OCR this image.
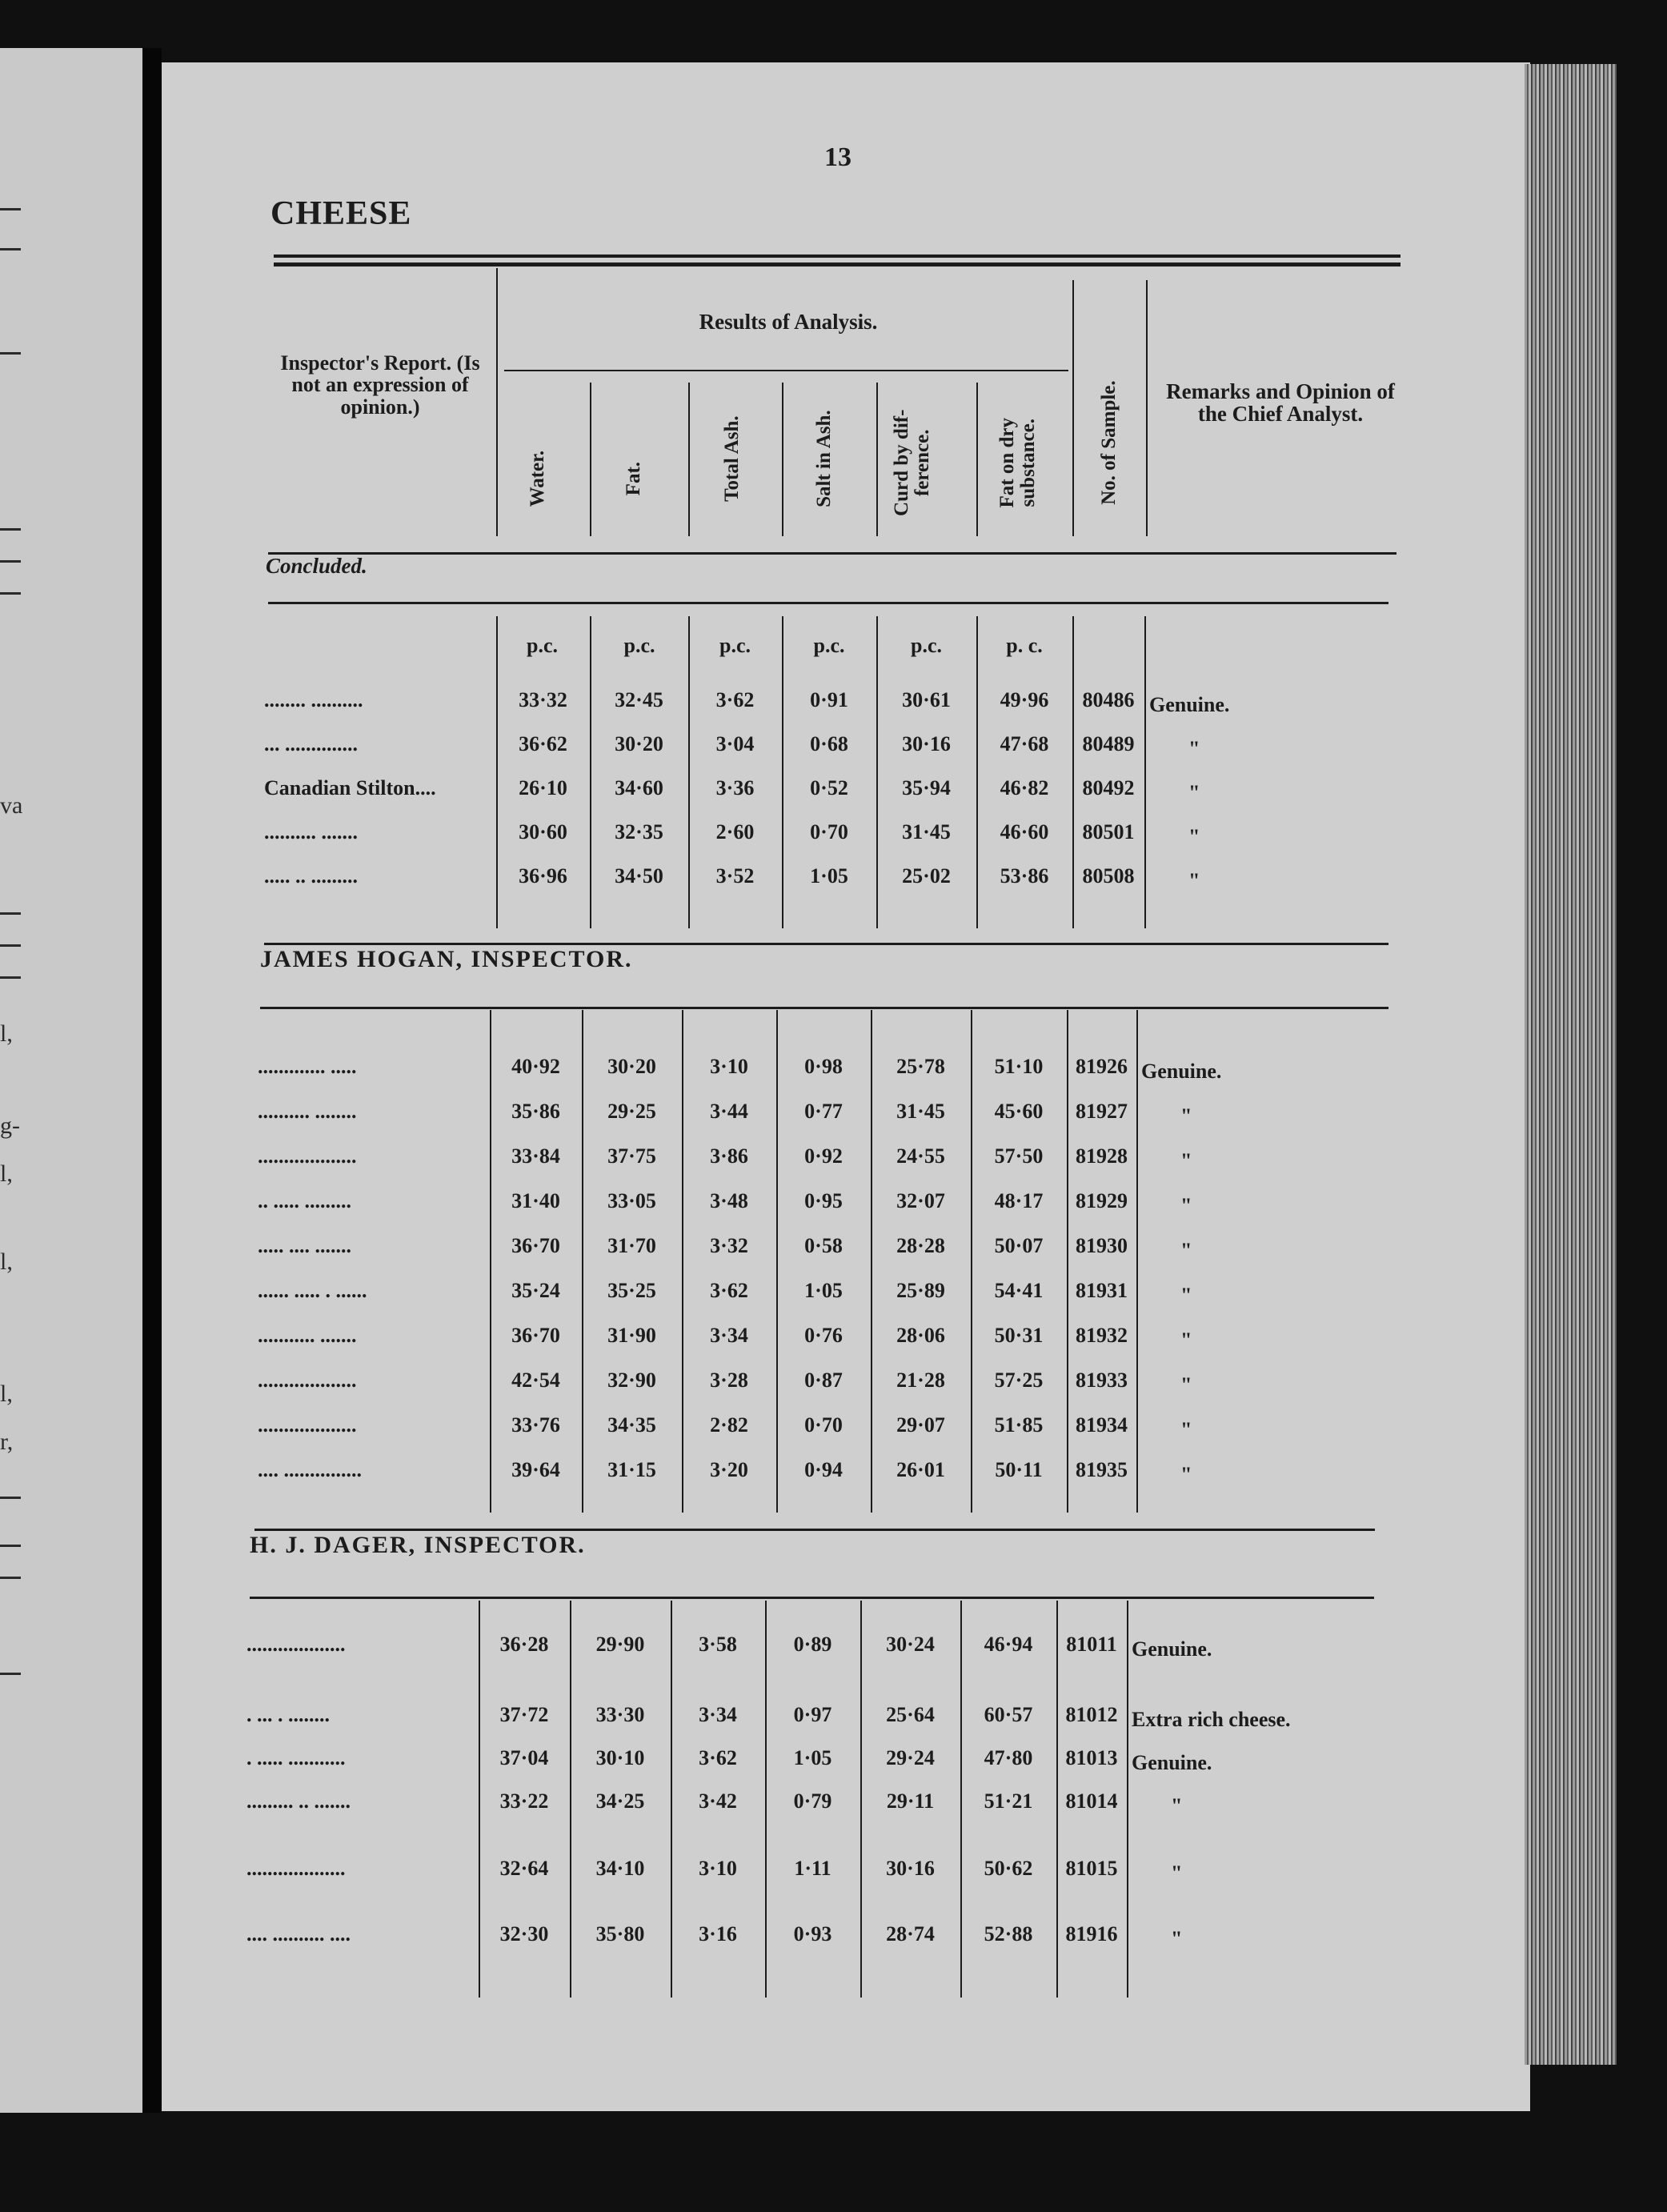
va
l,
g-
l,
l,
l,
r,
13
CHEESE
Inspector's Report. (Is not an expression of opinion.)
Results of Analysis.
Water.	Fat.	Total Ash.	Salt in Ash.	Curd by dif- ference.	Fat on dry substance.	No. of Sample.	Remarks and Opinion of the Chief Analyst.
Concluded.
p.c.	p.c.	p.c.	p.c.	p.c.	p. c.
JAMES HOGAN, INSPECTOR.
H. J. DAGER, INSPECTOR.
........ ..........	33·32	32·45	3·62	0·91	30·61	49·96	80486 Genuine.
... ..............	36·62	30·20	3·04	0·68	30·16	47·68	80489	"
Canadian Stilton....	26·10	34·60	3·36	0·52	35·94	46·82	80492	"
.......... .......	30·60	32·35	2·60	0·70	31·45	46·60	80501	"
..... .. .........	36·96	34·50	3·52	1·05	25·02	53·86	80508	"
............. .....	40·92	30·20	3·10	0·98	25·78	51·10	81926 Genuine.
.......... ........	35·86	29·25	3·44	0·77	31·45	45·60	81927	"
...................	33·84	37·75	3·86	0·92	24·55	57·50	81928	"
.. ..... .........	31·40	33·05	3·48	0·95	32·07	48·17	81929	"
..... .... .......	36·70	31·70	3·32	0·58	28·28	50·07	81930	"
...... ..... . ......	35·24	35·25	3·62	1·05	25·89	54·41	81931	"
........... .......	36·70	31·90	3·34	0·76	28·06	50·31	81932	"
...................	42·54	32·90	3·28	0·87	21·28	57·25	81933	"
...................	33·76	34·35	2·82	0·70	29·07	51·85	81934	"
.... ...............	39·64	31·15	3·20	0·94	26·01	50·11	81935	"
...................	36·28	29·90	3·58	0·89	30·24	46·94	81011 Genuine.
. ... . ........	37·72	33·30	3·34	0·97	25·64	60·57	81012 Extra rich cheese.
. ..... ...........	37·04	30·10	3·62	1·05	29·24	47·80	81013 Genuine.
......... .. .......	33·22	34·25	3·42	0·79	29·11	51·21	81014	"
...................	32·64	34·10	3·10	1·11	30·16	50·62	81015	"
.... .......... ....	32·30	35·80	3·16	0·93	28·74	52·88	81916	"
